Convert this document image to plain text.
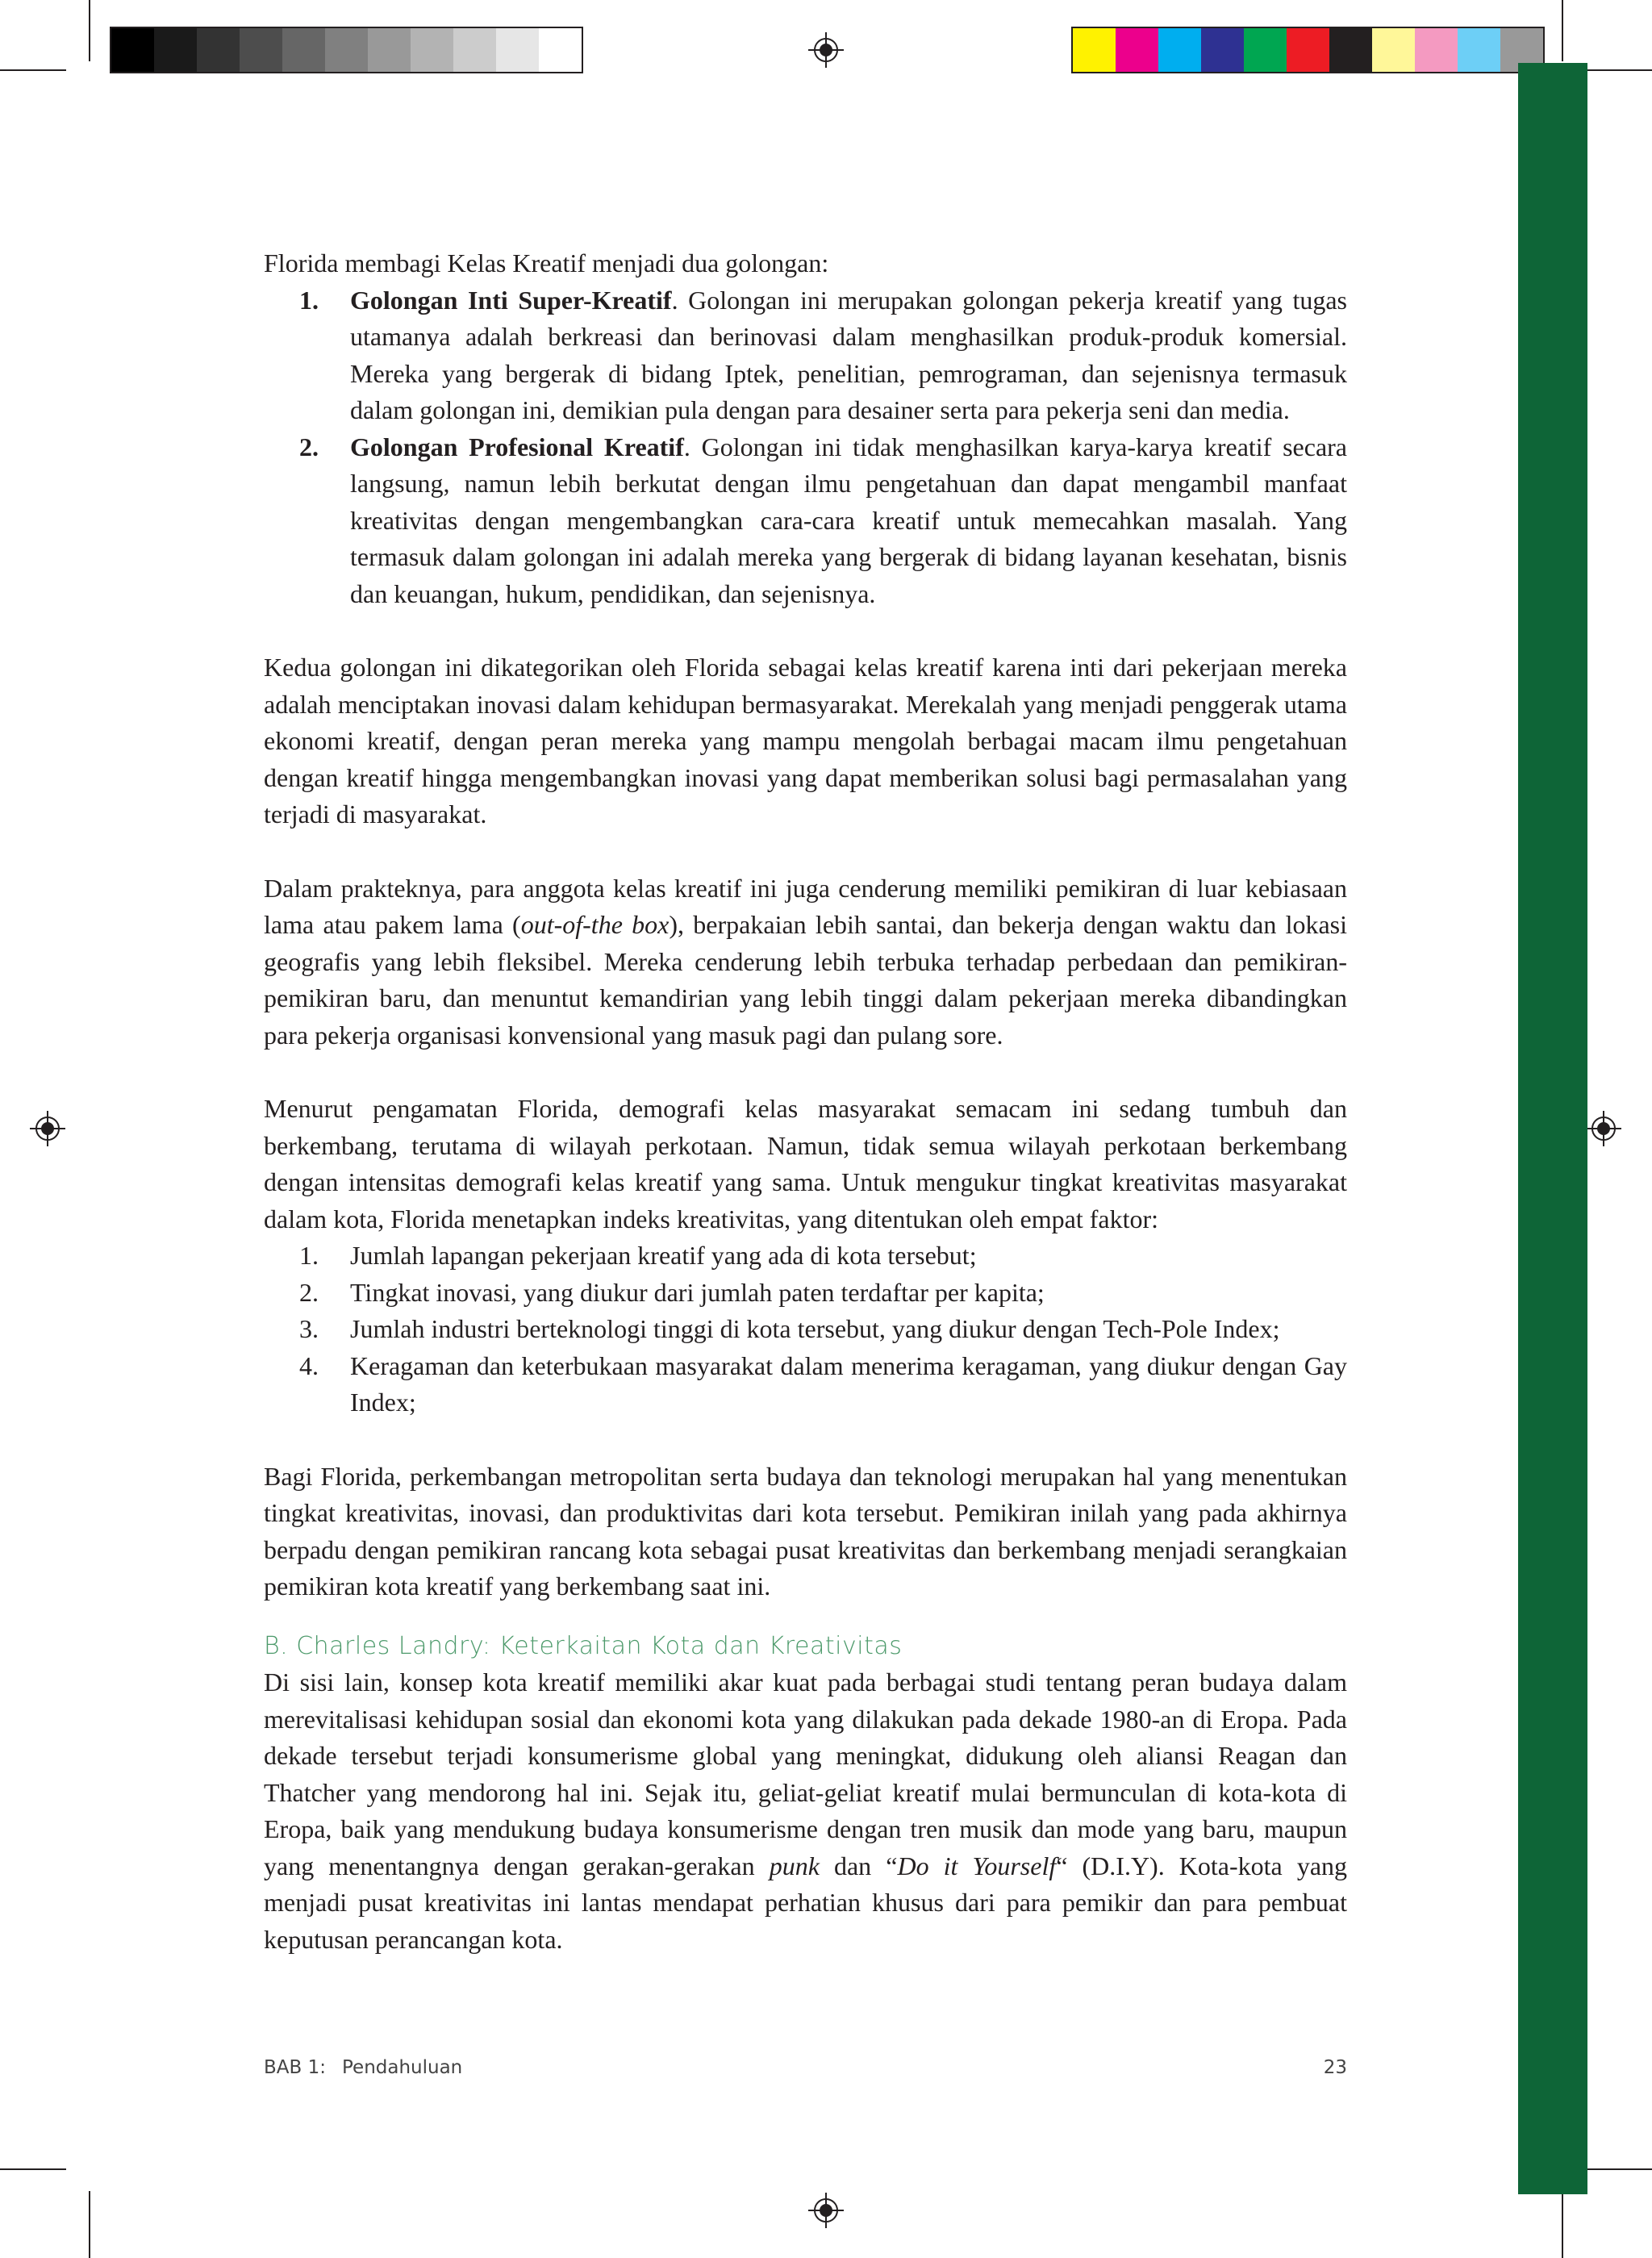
Florida membagi Kelas Kreatif menjadi dua golongan:

1. Golongan Inti Super-Kreatif. Golongan ini merupakan golongan pekerja kreatif yang tugas utamanya adalah berkreasi dan berinovasi dalam menghasilkan produk-produk komersial. Mereka yang bergerak di bidang Iptek, penelitian, pemrograman, dan sejenisnya termasuk dalam golongan ini, demikian pula dengan para desainer serta para pekerja seni dan media.

2. Golongan Profesional Kreatif. Golongan ini tidak menghasilkan karya-karya kreatif secara langsung, namun lebih berkutat dengan ilmu pengetahuan dan dapat mengambil manfaat kreativitas dengan mengembangkan cara-cara kreatif untuk memecahkan masalah. Yang termasuk dalam golongan ini adalah mereka yang bergerak di bidang layanan kesehatan, bisnis dan keuangan, hukum, pendidikan, dan sejenisnya.

Kedua golongan ini dikategorikan oleh Florida sebagai kelas kreatif karena inti dari pekerjaan mereka adalah menciptakan inovasi dalam kehidupan bermasyarakat. Merekalah yang menjadi penggerak utama ekonomi kreatif, dengan peran mereka yang mampu mengolah berbagai macam ilmu pengetahuan dengan kreatif hingga mengembangkan inovasi yang dapat memberikan solusi bagi permasalahan yang terjadi di masyarakat.

Dalam prakteknya, para anggota kelas kreatif ini juga cenderung memiliki pemikiran di luar kebiasaan lama atau pakem lama (out-of-the box), berpakaian lebih santai, dan bekerja dengan waktu dan lokasi geografis yang lebih fleksibel. Mereka cenderung lebih terbuka terhadap perbedaan dan pemikiran-pemikiran baru, dan menuntut kemandirian yang lebih tinggi dalam pekerjaan mereka dibandingkan para pekerja organisasi konvensional yang masuk pagi dan pulang sore.

Menurut pengamatan Florida, demografi kelas masyarakat semacam ini sedang tumbuh dan berkembang, terutama di wilayah perkotaan. Namun, tidak semua wilayah perkotaan berkembang dengan intensitas demografi kelas kreatif yang sama. Untuk mengukur tingkat kreativitas masyarakat dalam kota, Florida menetapkan indeks kreativitas, yang ditentukan oleh empat faktor:

1. Jumlah lapangan pekerjaan kreatif yang ada di kota tersebut;

2. Tingkat inovasi, yang diukur dari jumlah paten terdaftar per kapita;

3. Jumlah industri berteknologi tinggi di kota tersebut, yang diukur dengan Tech-Pole Index;

4. Keragaman dan keterbukaan masyarakat dalam menerima keragaman, yang diukur dengan Gay Index;

Bagi Florida, perkembangan metropolitan serta budaya dan teknologi merupakan hal yang menentukan tingkat kreativitas, inovasi, dan produktivitas dari kota tersebut. Pemikiran inilah yang pada akhirnya berpadu dengan pemikiran rancang kota sebagai pusat kreativitas dan berkembang menjadi serangkaian pemikiran kota kreatif yang berkembang saat ini.

B. Charles Landry: Keterkaitan Kota dan Kreativitas

Di sisi lain, konsep kota kreatif memiliki akar kuat pada berbagai studi tentang peran budaya dalam merevitalisasi kehidupan sosial dan ekonomi kota yang dilakukan pada dekade 1980-an di Eropa. Pada dekade tersebut terjadi konsumerisme global yang meningkat, didukung oleh aliansi Reagan dan Thatcher yang mendorong hal ini. Sejak itu, geliat-geliat kreatif mulai bermunculan di kota-kota di Eropa, baik yang mendukung budaya konsumerisme dengan tren musik dan mode yang baru, maupun yang menentangnya dengan gerakan-gerakan punk dan “Do it Yourself“ (D.I.Y). Kota-kota yang menjadi pusat kreativitas ini lantas mendapat perhatian khusus dari para pemikir dan para pembuat keputusan perancangan kota.

BAB 1: Pendahuluan	23
